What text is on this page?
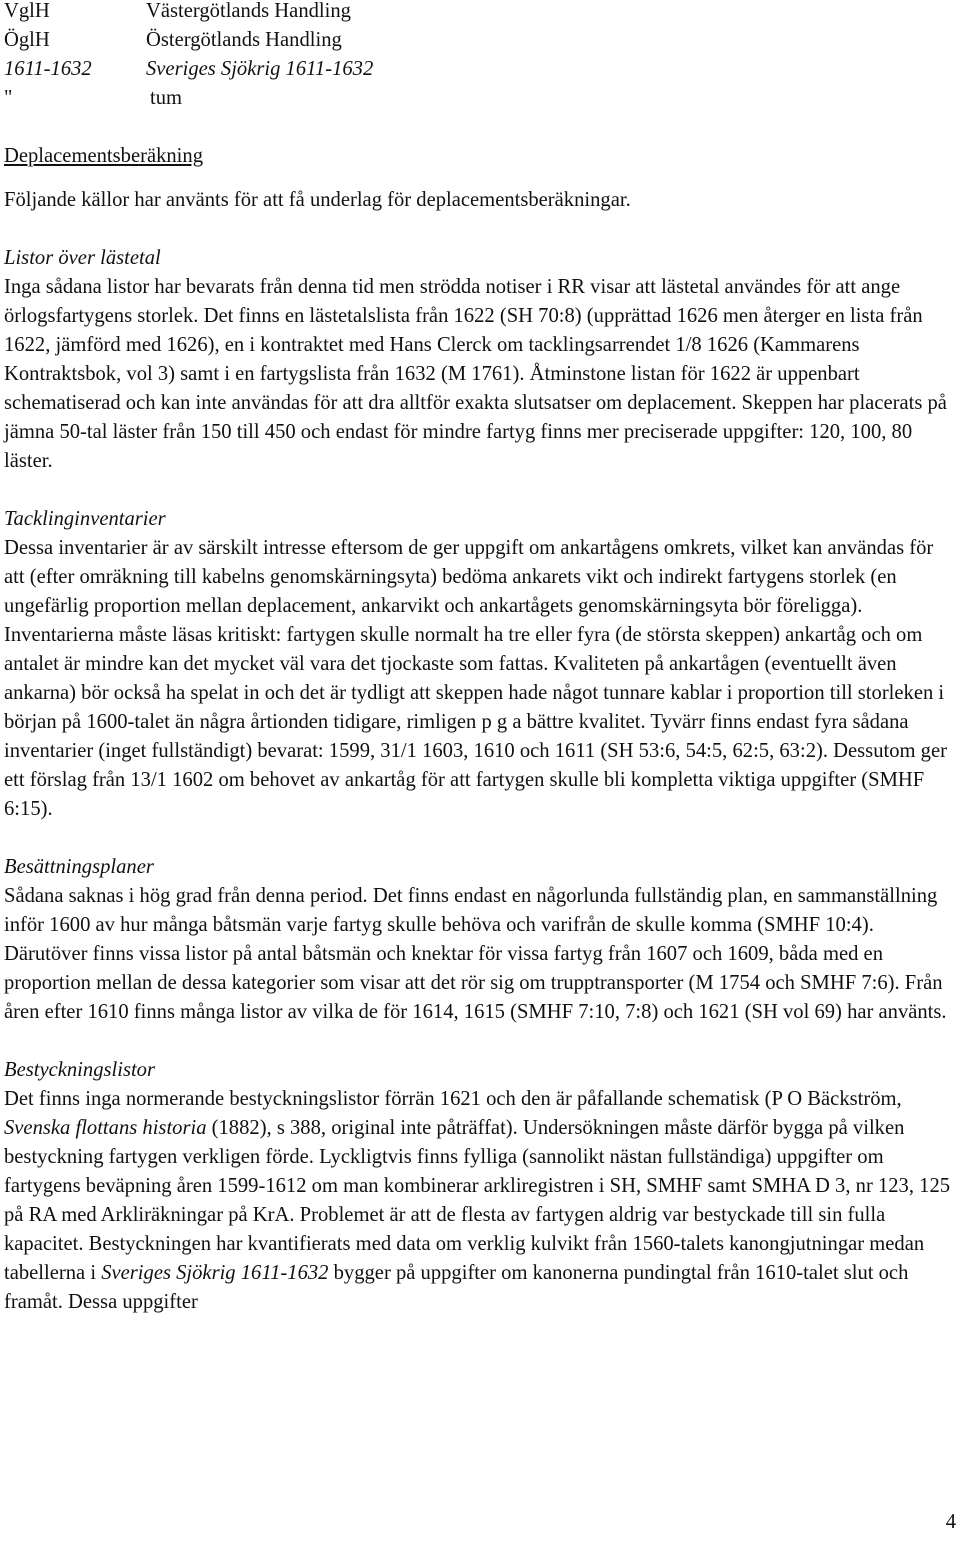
VglH	Västergötlands Handling
ÖglH	Östergötlands Handling
1611-1632	Sveriges Sjökrig 1611-1632
"	tum

Deplacementsberäkning

Följande källor har använts för att få underlag för deplacementsberäkningar.

Listor över lästetal

Inga sådana listor har bevarats från denna tid men strödda notiser i RR visar att lästetal användes för att ange örlogsfartygens storlek. Det finns en lästetalslista från 1622 (SH 70:8) (upprättad 1626 men återger en lista från 1622, jämförd med 1626), en i kontraktet med Hans Clerck om tacklingsarrendet 1/8 1626 (Kammarens Kontraktsbok, vol 3) samt i en fartygslista från 1632 (M 1761). Åtminstone listan för 1622 är uppenbart schematiserad och kan inte användas för att dra alltför exakta slutsatser om deplacement. Skeppen har placerats på jämna 50-tal läster från 150 till 450 och endast för mindre fartyg finns mer preciserade uppgifter: 120, 100, 80 läster.

Tacklinginventarier

Dessa inventarier är av särskilt intresse eftersom de ger uppgift om ankartågens omkrets, vilket kan användas för att (efter omräkning till kabelns genomskärningsyta) bedöma ankarets vikt och indirekt fartygens storlek (en ungefärlig proportion mellan deplacement, ankarvikt och ankartågets genomskärningsyta bör föreligga). Inventarierna måste läsas kritiskt: fartygen skulle normalt ha tre eller fyra (de största skeppen) ankartåg och om antalet är mindre kan det mycket väl vara det tjockaste som fattas. Kvaliteten på ankartågen (eventuellt även ankarna) bör också ha spelat in och det är tydligt att skeppen hade något tunnare kablar i proportion till storleken i början på 1600-talet än några årtionden tidigare, rimligen p g a bättre kvalitet. Tyvärr finns endast fyra sådana inventarier (inget fullständigt) bevarat: 1599, 31/1 1603, 1610 och 1611 (SH 53:6, 54:5, 62:5, 63:2). Dessutom ger ett förslag från 13/1 1602 om behovet av ankartåg för att fartygen skulle bli kompletta viktiga uppgifter (SMHF 6:15).

Besättningsplaner

Sådana saknas i hög grad från denna period. Det finns endast en någorlunda fullständig plan, en sammanställning inför 1600 av hur många båtsmän varje fartyg skulle behöva och varifrån de skulle komma (SMHF 10:4). Därutöver finns vissa listor på antal båtsmän och knektar för vissa fartyg från 1607 och 1609, båda med en proportion mellan de dessa kategorier som visar att det rör sig om trupptransporter (M 1754 och SMHF 7:6). Från åren efter 1610 finns många listor av vilka de för 1614, 1615 (SMHF 7:10, 7:8) och 1621 (SH vol 69) har använts.

Bestyckningslistor

Det finns inga normerande bestyckningslistor förrän 1621 och den är påfallande schematisk (P O Bäckström, Svenska flottans historia (1882), s 388, original inte påträffat). Undersökningen måste därför bygga på vilken bestyckning fartygen verkligen förde. Lyckligtvis finns fylliga (sannolikt nästan fullständiga) uppgifter om fartygens beväpning åren 1599-1612 om man kombinerar arkliregistren i SH, SMHF samt SMHA D 3, nr 123, 125 på RA med Arkliräkningar på KrA. Problemet är att de flesta av fartygen aldrig var bestyckade till sin fulla kapacitet. Bestyckningen har kvantifierats med data om verklig kulvikt från 1560-talets kanongjutningar medan tabellerna i Sveriges Sjökrig 1611-1632 bygger på uppgifter om kanonerna pundingtal från 1610-talet slut och framåt. Dessa uppgifter

4
